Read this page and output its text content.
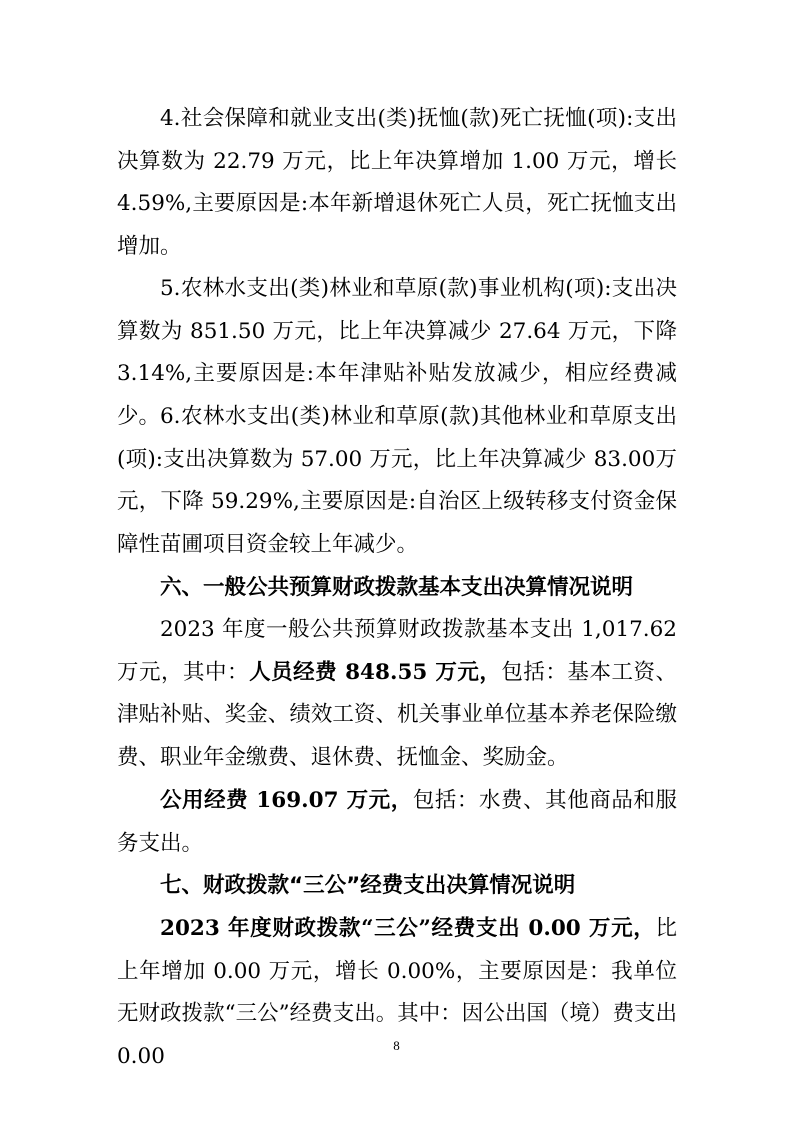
4.社会保障和就业支出(类)抚恤(款)死亡抚恤(项):支出决算数为 22.79 万元，比上年决算增加 1.00 万元，增长4.59%,主要原因是:本年新增退休死亡人员，死亡抚恤支出增加。

5.农林水支出(类)林业和草原(款)事业机构(项):支出决算数为 851.50 万元，比上年决算减少 27.64 万元，下降3.14%,主要原因是:本年津贴补贴发放减少，相应经费减少。 6.农林水支出(类)林业和草原(款)其他林业和草原支出(项):支出决算数为 57.00 万元，比上年决算减少 83.00万元，下降 59.29%,主要原因是:自治区上级转移支付资金保障性苗圃项目资金较上年减少。

六、一般公共预算财政拨款基本支出决算情况说明

2023 年度一般公共预算财政拨款基本支出 1,017.62 万元，其中：人员经费 848.55 万元，包括：基本工资、津贴补贴、奖金、绩效工资、机关事业单位基本养老保险缴费、职业年金缴费、退休费、抚恤金、奖励金。

公用经费 169.07 万元，包括：水费、其他商品和服务支出。

七、财政拨款“三公”经费支出决算情况说明

2023 年度财政拨款“三公”经费支出 0.00 万元，比上年增加 0.00 万元，增长 0.00%，主要原因是：我单位无财政拨款“三公”经费支出。其中：因公出国（境）费支出 0.00	8
